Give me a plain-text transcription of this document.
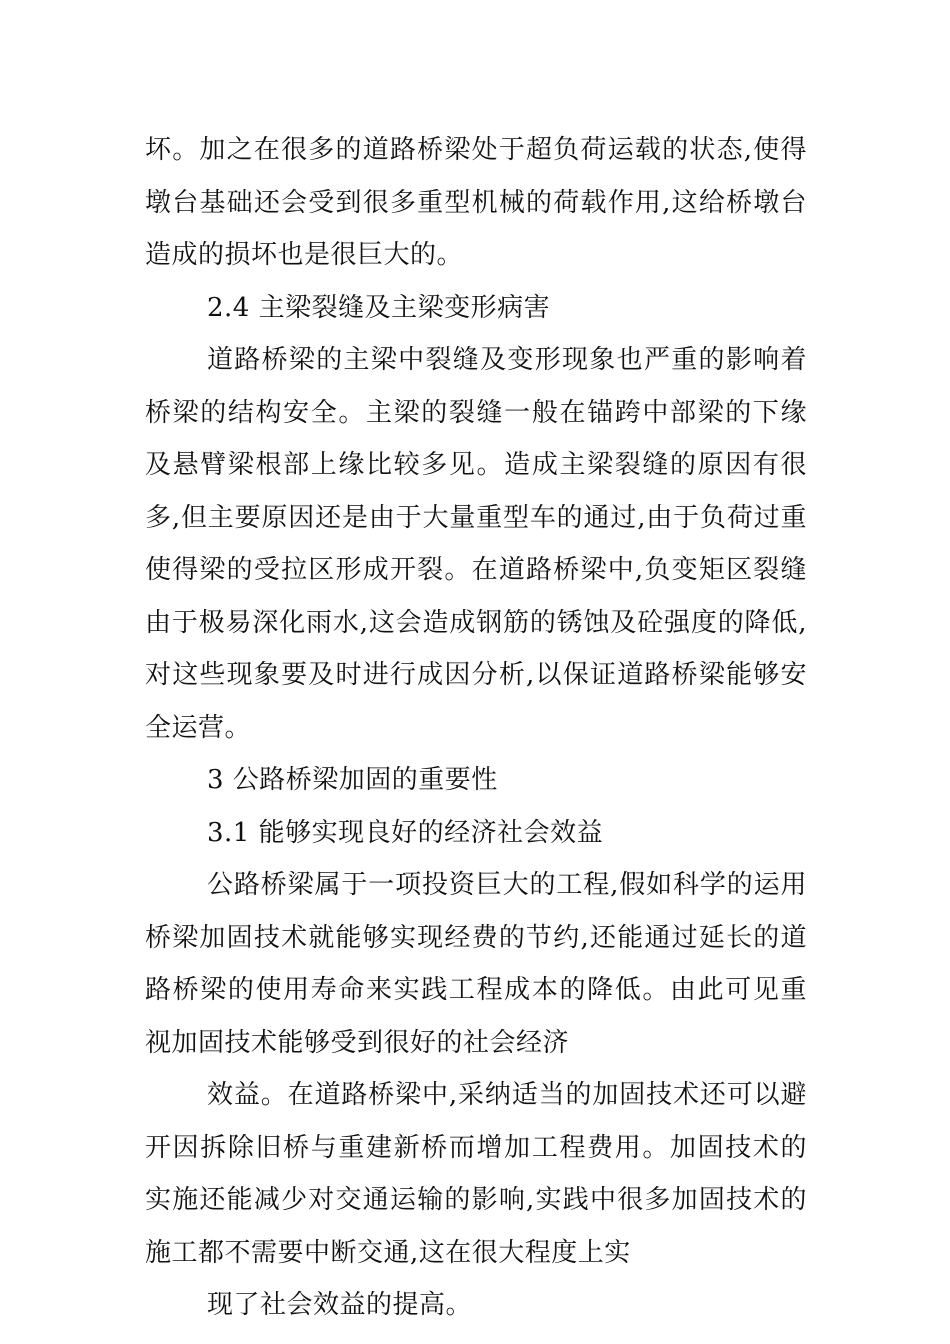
坏。加之在很多的道路桥梁处于超负荷运载的状态,使得墩台基础还会受到很多重型机械的荷载作用,这给桥墩台造成的损坏也是很巨大的。

2.4 主梁裂缝及主梁变形病害

道路桥梁的主梁中裂缝及变形现象也严重的影响着桥梁的结构安全。主梁的裂缝一般在锚跨中部梁的下缘及悬臂梁根部上缘比较多见。造成主梁裂缝的原因有很多,但主要原因还是由于大量重型车的通过,由于负荷过重使得梁的受拉区形成开裂。在道路桥梁中,负变矩区裂缝由于极易深化雨水,这会造成钢筋的锈蚀及砼强度的降低,对这些现象要及时进行成因分析,以保证道路桥梁能够安全运营。

3 公路桥梁加固的重要性

3.1 能够实现良好的经济社会效益

公路桥梁属于一项投资巨大的工程,假如科学的运用桥梁加固技术就能够实现经费的节约,还能通过延长的道路桥梁的使用寿命来实践工程成本的降低。由此可见重视加固技术能够受到很好的社会经济

效益。在道路桥梁中,采纳适当的加固技术还可以避开因拆除旧桥与重建新桥而增加工程费用。加固技术的实施还能减少对交通运输的影响,实践中很多加固技术的施工都不需要中断交通,这在很大程度上实

现了社会效益的提高。
